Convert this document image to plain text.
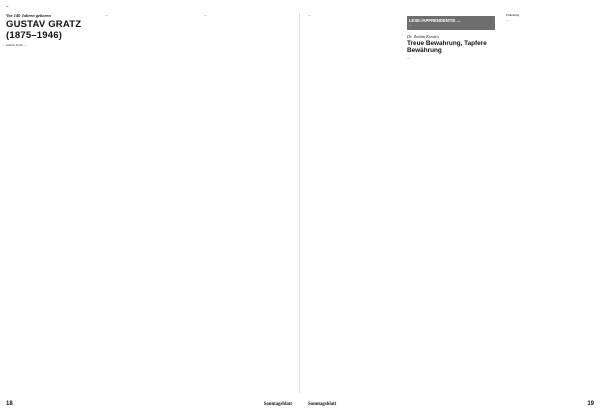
…
Vor 140 Jahren geboren
GUSTAV GRATZ (1875–1946)

Gustav Gratz …

…	…

18	Sonntagsblatt

…

LESE-/APPRENDENTIS …

…

Dr. Zoltán Kovács
Treue Bewahrung, Tapfere Bewährung

…

Einleitung

…

Sonntagsblatt	19
